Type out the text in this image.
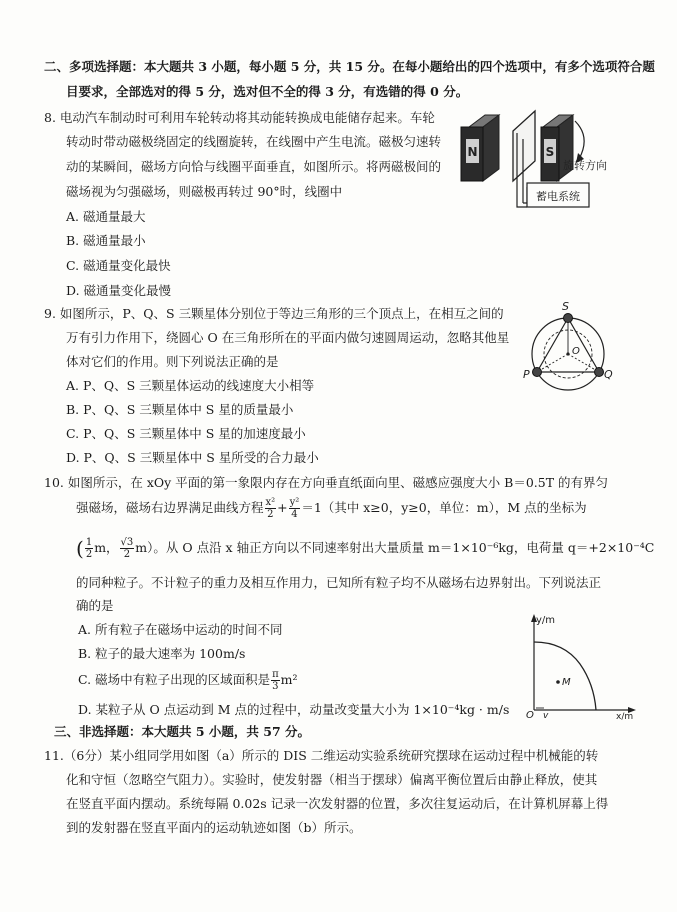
二、多项选择题：本大题共 3 小题，每小题 5 分，共 15 分。在每小题给出的四个选项中，有多个选项符合题
目要求，全部选对的得 5 分，选对但不全的得 3 分，有选错的得 0 分。
8. 电动汽车制动时可利用车轮转动将其动能转换成电能储存起来。车轮
转动时带动磁极绕固定的线圈旋转，在线圈中产生电流。磁极匀速转
动的某瞬间，磁场方向恰与线圈平面垂直，如图所示。将两磁极间的
磁场视为匀强磁场，则磁极再转过 90°时，线圈中
A. 磁通量最大
B. 磁通量最小
C. 磁通量变化最快
D. 磁通量变化最慢
N	S
旋转方向
蓄电系统
9. 如图所示，P、Q、S 三颗星体分别位于等边三角形的三个顶点上，在相互之间的
万有引力作用下，绕圆心 O 在三角形所在的平面内做匀速圆周运动，忽略其他星
体对它们的作用。则下列说法正确的是
A. P、Q、S 三颗星体运动的线速度大小相等
B. P、Q、S 三颗星体中 S 星的质量最小
C. P、Q、S 三颗星体中 S 星的加速度最小
D. P、Q、S 三颗星体中 S 星所受的合力最小
S
P	Q
O
10. 如图所示，在 xOy 平面的第一象限内存在方向垂直纸面向里、磁感应强度大小 B＝0.5T 的有界匀
强磁场，磁场右边界满足曲线方程 $\frac{\text{x²}}{2} + \frac{\text{y²}}{4} =1$（其中 x≥0，y≥0，单位：m），M 点的坐标为
( $\frac{1}{2}$ m， $\frac{√3}{2} m$）。从 O 点沿 x 轴正方向以不同速率射出大量质量 m＝1×10⁻⁶kg，电荷量 q＝+2×10⁻⁴C
的同种粒子。不计粒子的重力及相互作用力，已知所有粒子均不从磁场右边界射出。下列说法正
确的是
A. 所有粒子在磁场中运动的时间不同
B. 粒子的最大速率为 100m/s
C. 磁场中有粒子出现的区域面积是 $\frac{\pi}{3} m^2$
D. 某粒子从 O 点运动到 M 点的过程中，动量改变量大小为 1×10⁻⁴kg · m/s
M
y/m
x/m
O v
三、非选择题：本大题共 5 小题，共 57 分。
11.（6分）某小组同学用如图（a）所示的 DIS 二维运动实验系统研究摆球在运动过程中机械能的转
化和守恒（忽略空气阻力）。实验时，使发射器（相当于摆球）偏离平衡位置后由静止释放，使其
在竖直平面内摆动。系统每隔 0.02s 记录一次发射器的位置，多次往复运动后，在计算机屏幕上得
到的发射器在竖直平面内的运动轨迹如图（b）所示。
